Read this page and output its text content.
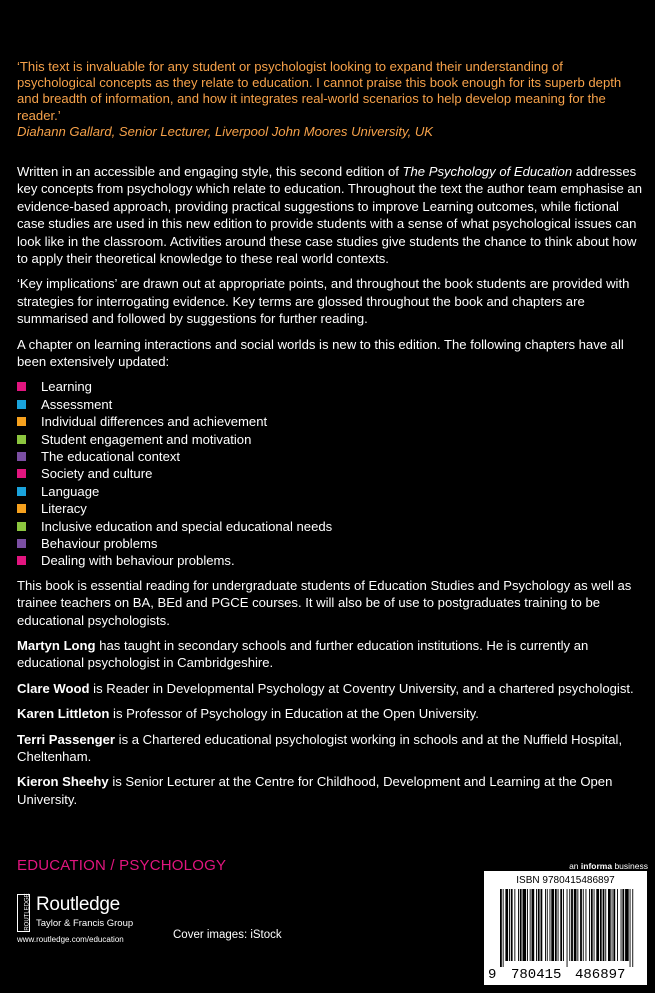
‘This text is invaluable for any student or psychologist looking to expand their understanding of psychological concepts as they relate to education. I cannot praise this book enough for its superb depth and breadth of information, and how it integrates real-world scenarios to help develop meaning for the reader.’

Diahann Gallard, Senior Lecturer, Liverpool John Moores University, UK

Written in an accessible and engaging style, this second edition of The Psychology of Education addresses key concepts from psychology which relate to education. Throughout the text the author team emphasise an evidence-based approach, providing practical suggestions to improve Learning outcomes, while fictional case studies are used in this new edition to provide students with a sense of what psychological issues can look like in the classroom. Activities around these case studies give students the chance to think about how to apply their theoretical knowledge to these real world contexts.

‘Key implications’ are drawn out at appropriate points, and throughout the book students are provided with strategies for interrogating evidence. Key terms are glossed throughout the book and chapters are summarised and followed by suggestions for further reading.

A chapter on learning interactions and social worlds is new to this edition. The following chapters have all been extensively updated:

Learning
Assessment
Individual differences and achievement
Student engagement and motivation
The educational context
Society and culture
Language
Literacy
Inclusive education and special educational needs
Behaviour problems
Dealing with behaviour problems.

This book is essential reading for undergraduate students of Education Studies and Psychology as well as trainee teachers on BA, BEd and PGCE courses. It will also be of use to postgraduates training to be educational psychologists.

Martyn Long has taught in secondary schools and further education institutions. He is currently an educational psychologist in Cambridgeshire.

Clare Wood is Reader in Developmental Psychology at Coventry University, and a chartered psychologist.

Karen Littleton is Professor of Psychology in Education at the Open University.

Terri Passenger is a Chartered educational psychologist working in schools and at the Nuffield Hospital, Cheltenham.

Kieron Sheehy is Senior Lecturer at the Centre for Childhood, Development and Learning at the Open University.

EDUCATION / PSYCHOLOGY
ROUTLEDGE Routledge
Taylor & Francis Group
www.routledge.com/education	Cover images: iStock
an informa business
ISBN 9780415486897
9 780415 486897
